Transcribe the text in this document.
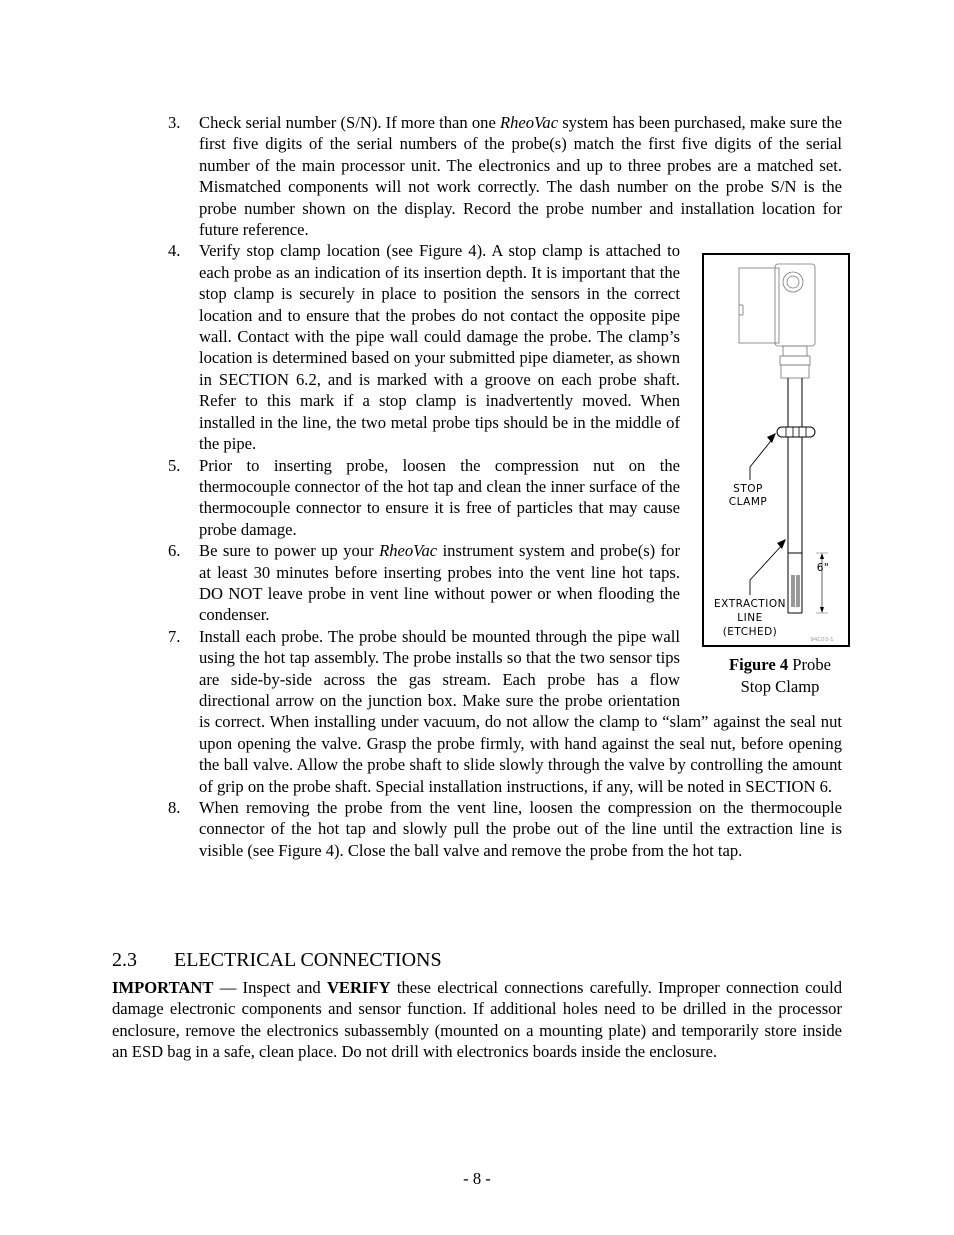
3. Check serial number (S/N). If more than one RheoVac system has been purchased, make sure the first five digits of the serial numbers of the probe(s) match the first five digits of the serial number of the main processor unit. The electronics and up to three probes are a matched set. Mismatched components will not work correctly. The dash number on the probe S/N is the probe number shown on the display. Record the probe number and installation location for future reference.
4. Verify stop clamp location (see Figure 4). A stop clamp is attached to each probe as an indication of its insertion depth. It is important that the stop clamp is securely in place to position the sensors in the correct location and to ensure that the probes do not contact the opposite pipe wall. Contact with the pipe wall could damage the probe. The clamp’s location is determined based on your submitted pipe diameter, as shown in SECTION 6.2, and is marked with a groove on each probe shaft. Refer to this mark if a stop clamp is inadvertently moved. When installed in the line, the two metal probe tips should be in the middle of the pipe.
5. Prior to inserting probe, loosen the compression nut on the thermocouple connector of the hot tap and clean the inner surface of the thermocouple connector to ensure it is free of particles that may cause probe damage.
6. Be sure to power up your RheoVac instrument system and probe(s) for at least 30 minutes before inserting probes into the vent line hot taps. DO NOT leave probe in vent line without power or when flooding the condenser.
7. Install each probe. The probe should be mounted through the pipe wall using the hot tap assembly. The probe installs so that the two sensor tips are side-by-side across the gas stream. Each probe has a flow directional arrow on the junction box. Make sure the probe orientation is correct. When installing under vacuum, do not allow the clamp to “slam” against the seal nut upon opening the valve. Grasp the probe firmly, with hand against the seal nut, before opening the ball valve. Allow the probe shaft to slide slowly through the valve by controlling the amount of grip on the probe shaft. Special installation instructions, if any, will be noted in SECTION 6.
8. When removing the probe from the vent line, loosen the compression on the thermocouple connector of the hot tap and slowly pull the probe out of the line until the extraction line is visible (see Figure 4). Close the ball valve and remove the probe from the hot tap.
STOP
CLAMP
EXTRACTION
LINE
(ETCHED)
6"
94C03-1
Figure 4 Probe
Stop Clamp
2.3 ELECTRICAL CONNECTIONS

IMPORTANT — Inspect and VERIFY these electrical connections carefully. Improper connection could damage electronic components and sensor function. If additional holes need to be drilled in the processor enclosure, remove the electronics subassembly (mounted on a mounting plate) and temporarily store inside an ESD bag in a safe, clean place. Do not drill with electronics boards inside the enclosure.

- 8 -
